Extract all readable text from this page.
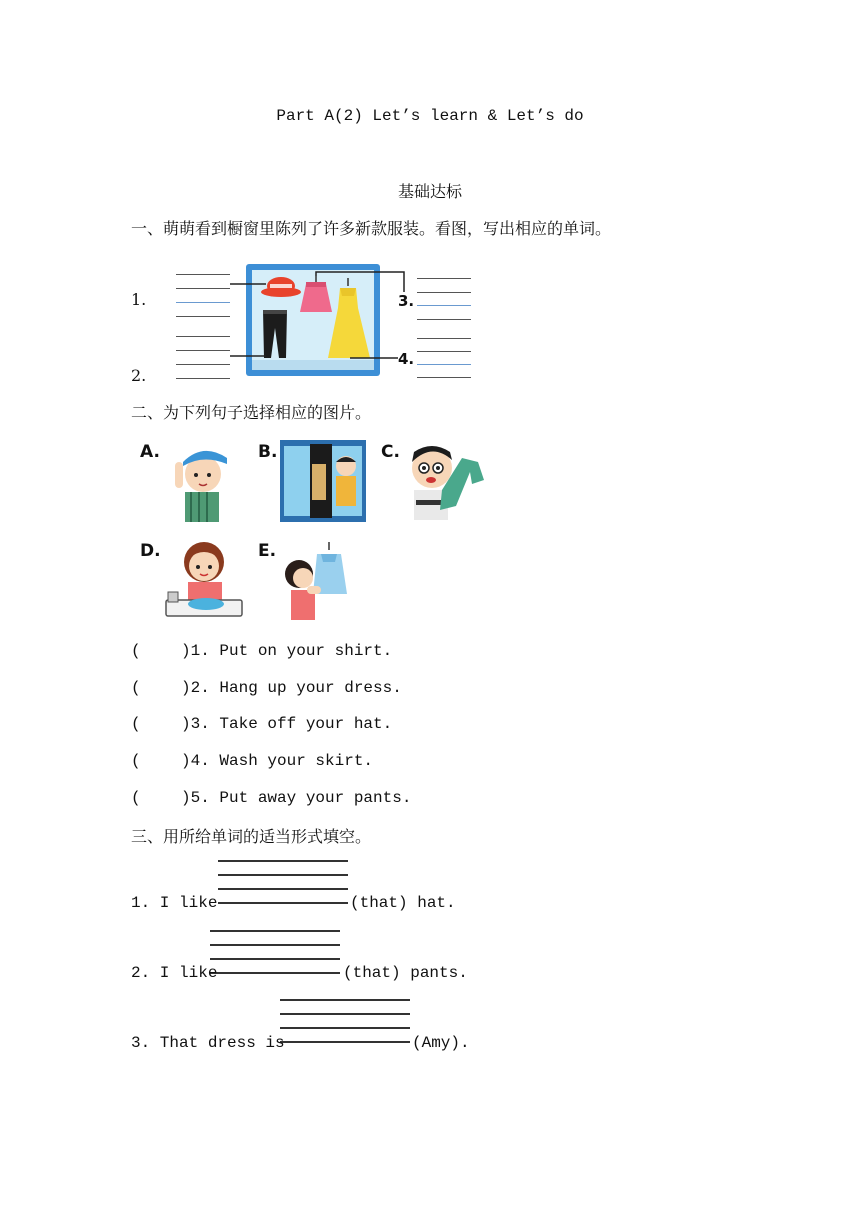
Part A(2) Let’s learn & Let’s do
基础达标
一、萌萌看到橱窗里陈列了许多新款服装。看图，写出相应的单词。
1.
2.
3.
4.
二、为下列句子选择相应的图片。
A.	B.	C.
D.	E.
(	)1. Put on your shirt.
(	)2. Hang up your dress.
(	)3. Take off your hat.
(	)4. Wash your skirt.
(	)5. Put away your pants.
三、用所给单词的适当形式填空。
1. I like	(that) hat.
2. I like	(that) pants.
3. That dress is	(Amy).
